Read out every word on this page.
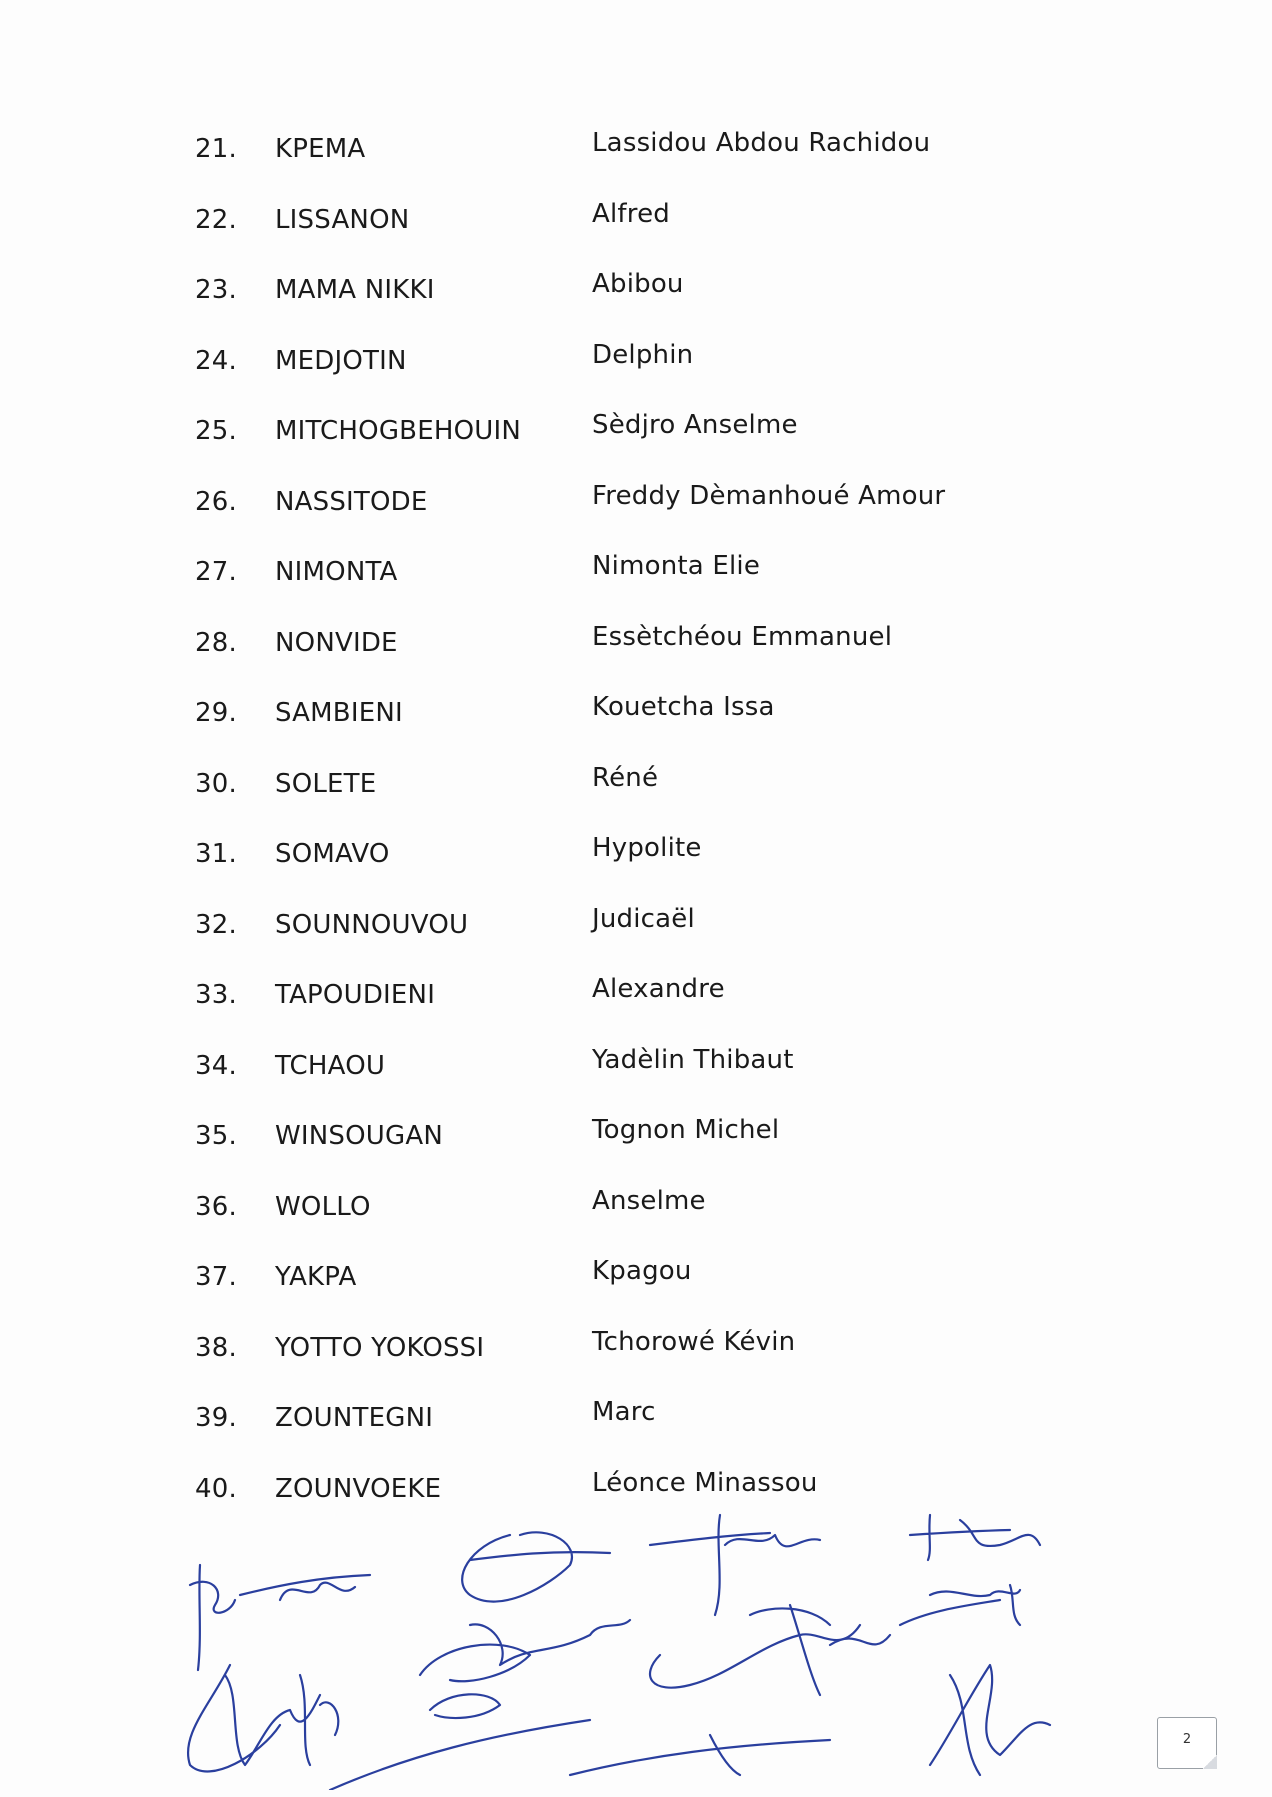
21.	KPEMA	Lassidou Abdou Rachidou
22.	LISSANON	Alfred
23.	MAMA NIKKI	Abibou
24.	MEDJOTIN	Delphin
25.	MITCHOGBEHOUIN	Sèdjro Anselme
26.	NASSITODE	Freddy Dèmanhoué Amour
27.	NIMONTA	Nimonta Elie
28.	NONVIDE	Essètchéou Emmanuel
29.	SAMBIENI	Kouetcha Issa
30.	SOLETE	Réné
31.	SOMAVO	Hypolite
32.	SOUNNOUVOU	Judicaël
33.	TAPOUDIENI	Alexandre
34.	TCHAOU	Yadèlin Thibaut
35.	WINSOUGAN	Tognon Michel
36.	WOLLO	Anselme
37.	YAKPA	Kpagou
38.	YOTTO YOKOSSI	Tchorowé Kévin
39.	ZOUNTEGNI	Marc
40.	ZOUNVOEKE	Léonce Minassou
2
